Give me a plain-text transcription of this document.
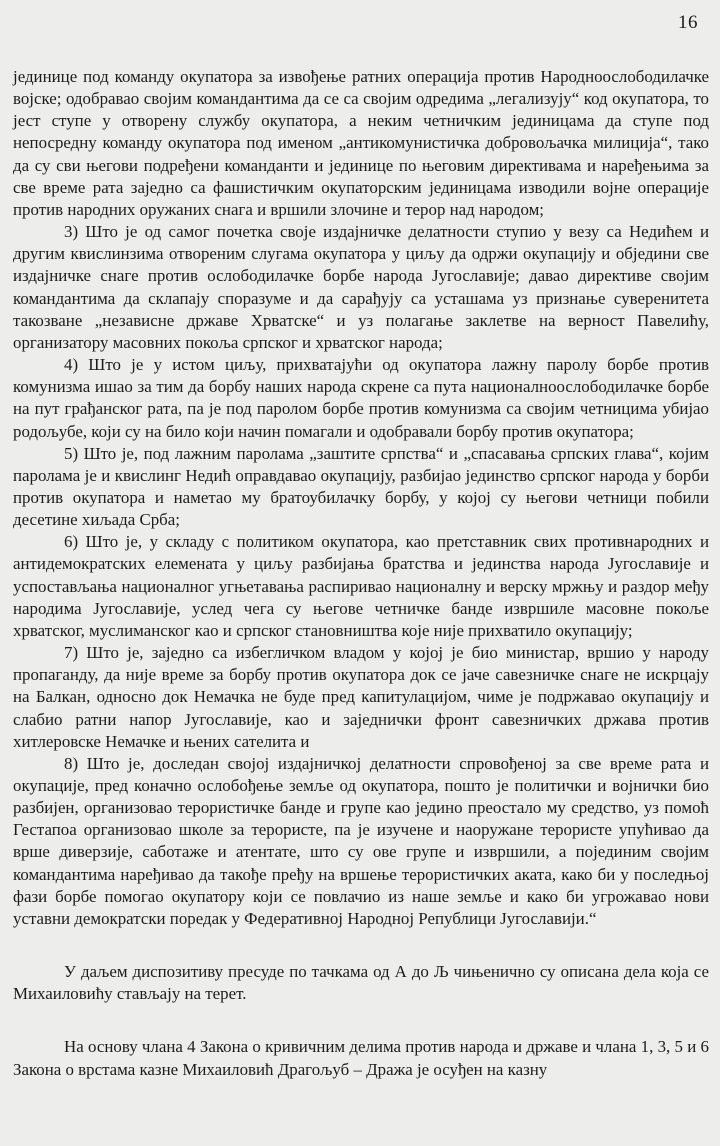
16

јединице под команду окупатора за извођење ратних операција против Народноослободилачке војске; одобравао својим командантима да се са својим одредима „легализују“ код окупатора, то јест ступе у отворену службу окупатора, а неким четничким јединицама да ступе под непосредну команду окупатора под именом „антикомунистичка добровољачка милиција“, тако да су сви његови подређени команданти и јединице по његовим директивама и наређењима за све време рата заједно са фашистичким окупаторским јединицама изводили војне операције против народних оружаних снага и вршили злочине и терор над народом;

3) Што је од самог почетка своје издајничке делатности ступио у везу са Недићем и другим квислинзима отвореним слугама окупатора у циљу да одржи окупацију и обједини све издајничке снаге против ослободилачке борбе народа Југославије; давао директиве својим командантима да склапају споразуме и да сарађују са усташама уз признање суверенитета такозване „независне државе Хрватске“ и уз полагање заклетве на верност Павелићу, организатору масовних покоља српског и хрватског народа;

4) Што је у истом циљу, прихватајући од окупатора лажну паролу борбе против комунизма ишао за тим да борбу наших народа скрене са пута националноослободилачке борбе на пут грађанског рата, па је под паролом борбе против комунизма са својим четницима убијао родољубе, који су на било који начин помагали и одобравали борбу против окупатора;

5) Што је, под лажним паролама „заштите српства“ и „спасавања српских глава“, којим паролама је и квислинг Недић оправдавао окупацију, разбијао јединство српског народа у борби против окупатора и наметао му братоубилачку борбу, у којој су његови четници побили десетине хиљада Срба;

6) Што је, у складу с политиком окупатора, као претставник свих противнародних и антидемократских елемената у циљу разбијања братства и јединства народа Југославије и успостављања националног угњетавања распиривао националну и верску мржњу и раздор међу народима Југославије, услед чега су његове четничке банде извршиле масовне покоље хрватског, муслиманског као и српског становништва које није прихватило окупацију;

7) Што је, заједно са избегличком владом у којој је био министар, вршио у народу пропаганду, да није време за борбу против окупатора док се јаче савезничке снаге не искрцају на Балкан, односно док Немачка не буде пред капитулацијом, чиме је подржавао окупацију и слабио ратни напор Југославије, као и заједнички фронт савезничких држава против хитлеровске Немачке и њених сателита и

8) Што је, доследан својој издајничкој делатности спровођеној за све време рата и окупације, пред коначно ослобођење земље од окупатора, пошто је политички и војнички био разбијен, организовао терористичке банде и групе као једино преостало му средство, уз помоћ Гестапоа организовао школе за терористе, па је изучене и наоружане терористе упућивао да врше диверзије, саботаже и атентате, што су ове групе и извршили, а појединим својим командантима наређивао да такође пређу на вршење терористичких аката, како би у последњој фази борбе помогао окупатору који се повлачио из наше земље и како би угрожавао нови уставни демократски поредак у Федеративној Народној Републици Југославији.“

У даљем диспозитиву пресуде по тачкама од А до Љ чињенично су описана дела која се Михаиловићу стављају на терет.

На основу члана 4 Закона о кривичним делима против народа и државе и члана 1, 3, 5 и 6 Закона о врстама казне Михаиловић Драгољуб – Дража је осуђен на казну
